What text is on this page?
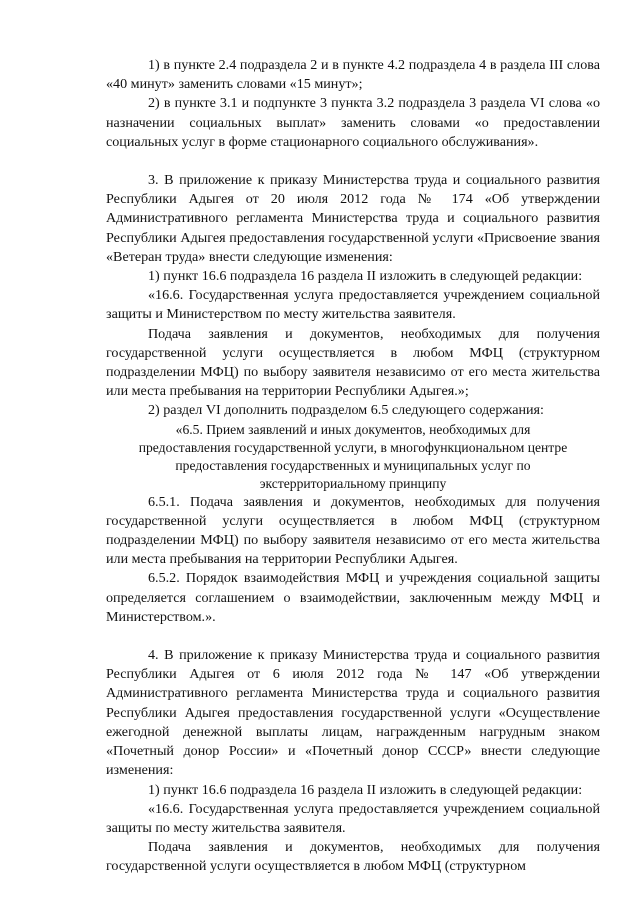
1) в пункте 2.4 подраздела 2 и в пункте 4.2 подраздела 4 в раздела III слова «40 минут» заменить словами «15 минут»;

2) в пункте 3.1 и подпункте 3 пункта 3.2 подраздела 3 раздела VI слова «о назначении социальных выплат» заменить словами «о предоставлении социальных услуг в форме стационарного социального обслуживания».

3. В приложение к приказу Министерства труда и социального развития Республики Адыгея от 20 июля 2012 года № 174 «Об утверждении Административного регламента Министерства труда и социального развития Республики Адыгея предоставления государственной услуги «Присвоение звания «Ветеран труда» внести следующие изменения:

1) пункт 16.6 подраздела 16 раздела II изложить в следующей редакции:

«16.6. Государственная услуга предоставляется учреждением социальной защиты и Министерством по месту жительства заявителя.

Подача заявления и документов, необходимых для получения государственной услуги осуществляется в любом МФЦ (структурном подразделении МФЦ) по выбору заявителя независимо от его места жительства или места пребывания на территории Республики Адыгея.»;

2) раздел VI дополнить подразделом 6.5 следующего содержания:

«6.5. Прием заявлений и иных документов, необходимых для

предоставления государственной услуги, в многофункциональном центре

предоставления государственных и муниципальных услуг по

экстерриториальному принципу

6.5.1. Подача заявления и документов, необходимых для получения государственной услуги осуществляется в любом МФЦ (структурном подразделении МФЦ) по выбору заявителя независимо от его места жительства или места пребывания на территории Республики Адыгея.

6.5.2. Порядок взаимодействия МФЦ и учреждения социальной защиты определяется соглашением о взаимодействии, заключенным между МФЦ и Министерством.».

4. В приложение к приказу Министерства труда и социального развития Республики Адыгея от 6 июля 2012 года № 147 «Об утверждении Административного регламента Министерства труда и социального развития Республики Адыгея предоставления государственной услуги «Осуществление ежегодной денежной выплаты лицам, награжденным нагрудным знаком «Почетный донор России» и «Почетный донор СССР» внести следующие изменения:

1) пункт 16.6 подраздела 16 раздела II изложить в следующей редакции:

«16.6. Государственная услуга предоставляется учреждением социальной защиты по месту жительства заявителя.

Подача заявления и документов, необходимых для получения государственной услуги осуществляется в любом МФЦ (структурном
